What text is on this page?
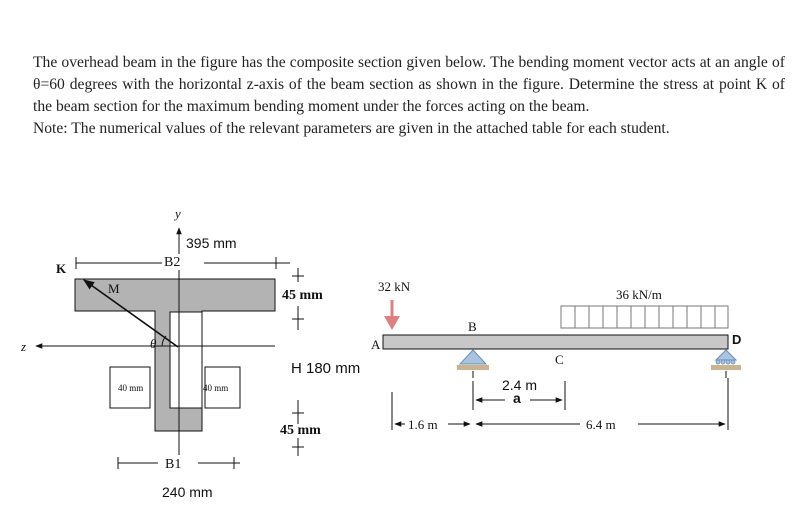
The overhead beam in the figure has the composite section given below. The bending moment vector acts at an angle of θ=60 degrees with the horizontal z-axis of the beam section as shown in the figure. Determine the stress at point K of the beam section for the maximum bending moment under the forces acting on the beam.

Note: The numerical values of the relevant parameters are given in the attached table for each student.

y
z
K
M
θ
395 mm
B2
B1
240 mm
40 mm	40 mm
45 mm
H 180 mm
45 mm
32 kN
A
B
C
D
36 kN/m
2.4 m
a
1.6 m	6.4 m
